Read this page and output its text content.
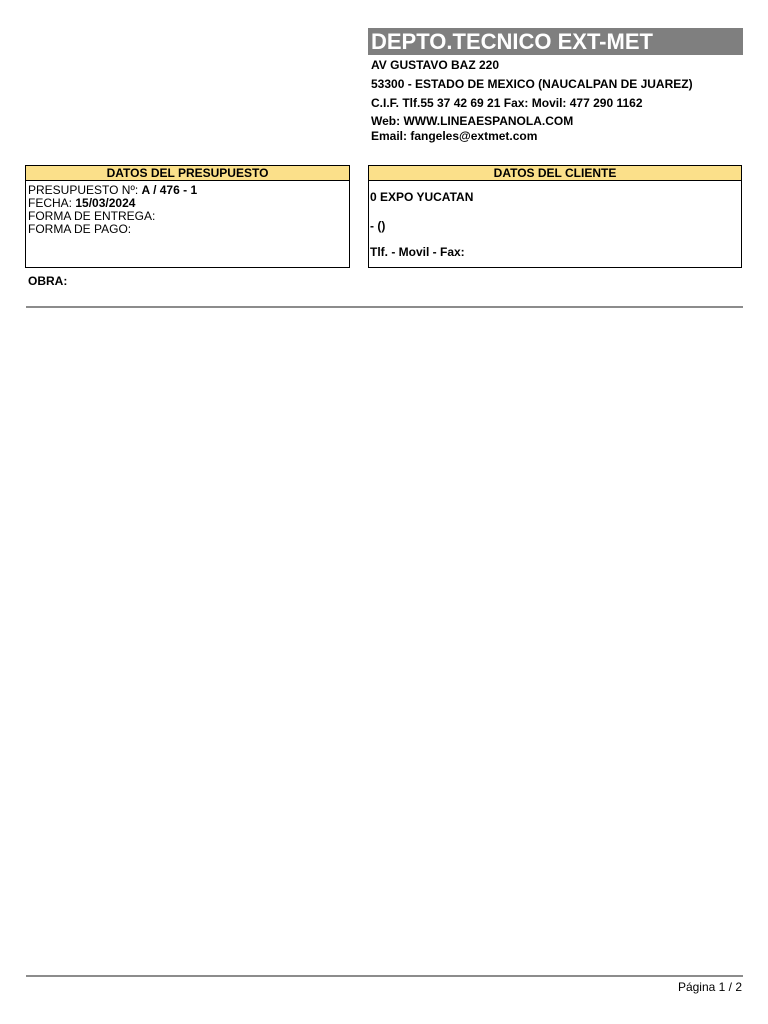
DEPTO.TECNICO EXT-MET
AV GUSTAVO BAZ 220
53300 - ESTADO DE MEXICO (NAUCALPAN DE JUAREZ)
C.I.F. Tlf.55 37 42 69 21 Fax: Movil: 477 290 1162
Web: WWW.LINEAESPANOLA.COM
Email: fangeles@extmet.com
DATOS DEL PRESUPUESTO
PRESUPUESTO Nº: A / 476 - 1
FECHA: 15/03/2024
FORMA DE ENTREGA:
FORMA DE PAGO:
DATOS DEL CLIENTE
0 EXPO YUCATAN
- ()
Tlf. - Movil - Fax:
OBRA:
Página 1 / 2
